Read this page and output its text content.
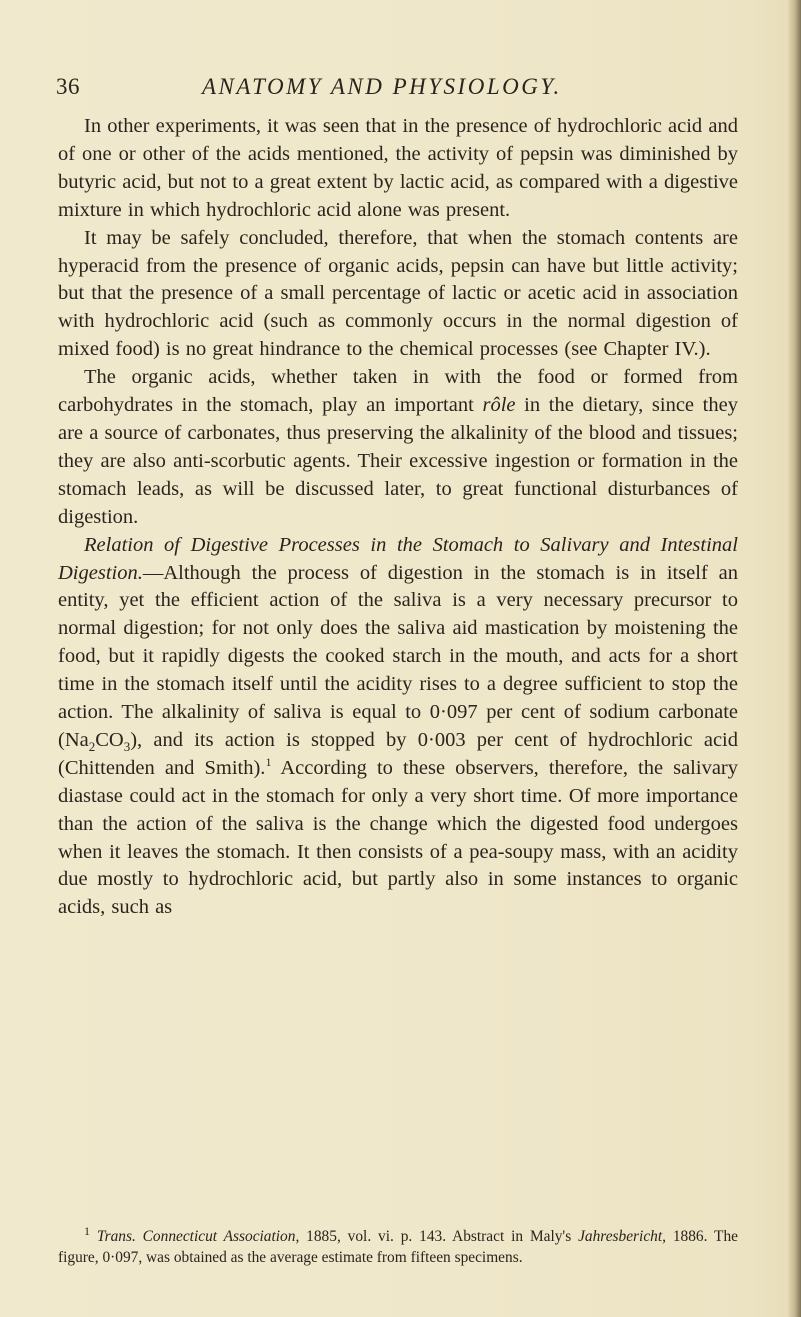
36	ANATOMY AND PHYSIOLOGY.

In other experiments, it was seen that in the presence of hydrochloric acid and of one or other of the acids mentioned, the activity of pepsin was diminished by butyric acid, but not to a great extent by lactic acid, as compared with a digestive mixture in which hydrochloric acid alone was present.

It may be safely concluded, therefore, that when the stomach contents are hyperacid from the presence of organic acids, pepsin can have but little activity; but that the presence of a small percentage of lactic or acetic acid in association with hydrochloric acid (such as commonly occurs in the normal digestion of mixed food) is no great hindrance to the chemical processes (see Chapter IV.).

The organic acids, whether taken in with the food or formed from carbohydrates in the stomach, play an important rôle in the dietary, since they are a source of carbonates, thus preserving the alkalinity of the blood and tissues; they are also anti-scorbutic agents. Their excessive ingestion or formation in the stomach leads, as will be discussed later, to great functional disturbances of digestion.

Relation of Digestive Processes in the Stomach to Salivary and Intestinal Digestion.—Although the process of digestion in the stomach is in itself an entity, yet the efficient action of the saliva is a very necessary precursor to normal digestion; for not only does the saliva aid mastication by moistening the food, but it rapidly digests the cooked starch in the mouth, and acts for a short time in the stomach itself until the acidity rises to a degree sufficient to stop the action. The alkalinity of saliva is equal to 0·097 per cent of sodium carbonate $(Na_2CO_3)$, and its action is stopped by 0·003 per cent of hydrochloric acid (Chittenden and Smith).$^1$ According to these observers, therefore, the salivary diastase could act in the stomach for only a very short time. Of more importance than the action of the saliva is the change which the digested food undergoes when it leaves the stomach. It then consists of a pea-soupy mass, with an acidity due mostly to hydrochloric acid, but partly also in some instances to organic acids, such as

$^1$ Trans. Connecticut Association, 1885, vol. vi. p. 143. Abstract in Maly's Jahresbericht, 1886. The figure, 0·097, was obtained as the average estimate from fifteen specimens.
